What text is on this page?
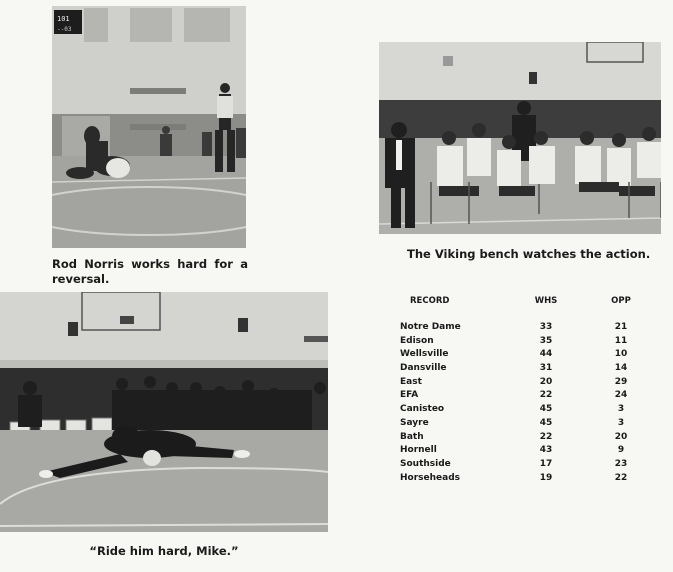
101
--03

Rod Norris works hard for a reversal.

The Viking bench watches the action.

“Ride him hard, Mike.”

RECORD	WHS	OPP
Notre Dame	33	21
Edison	35	11
Wellsville	44	10
Dansville	31	14
East	20	29
EFA	22	24
Canisteo	45	3
Sayre	45	3
Bath	22	20
Hornell	43	9
Southside	17	23
Horseheads	19	22
